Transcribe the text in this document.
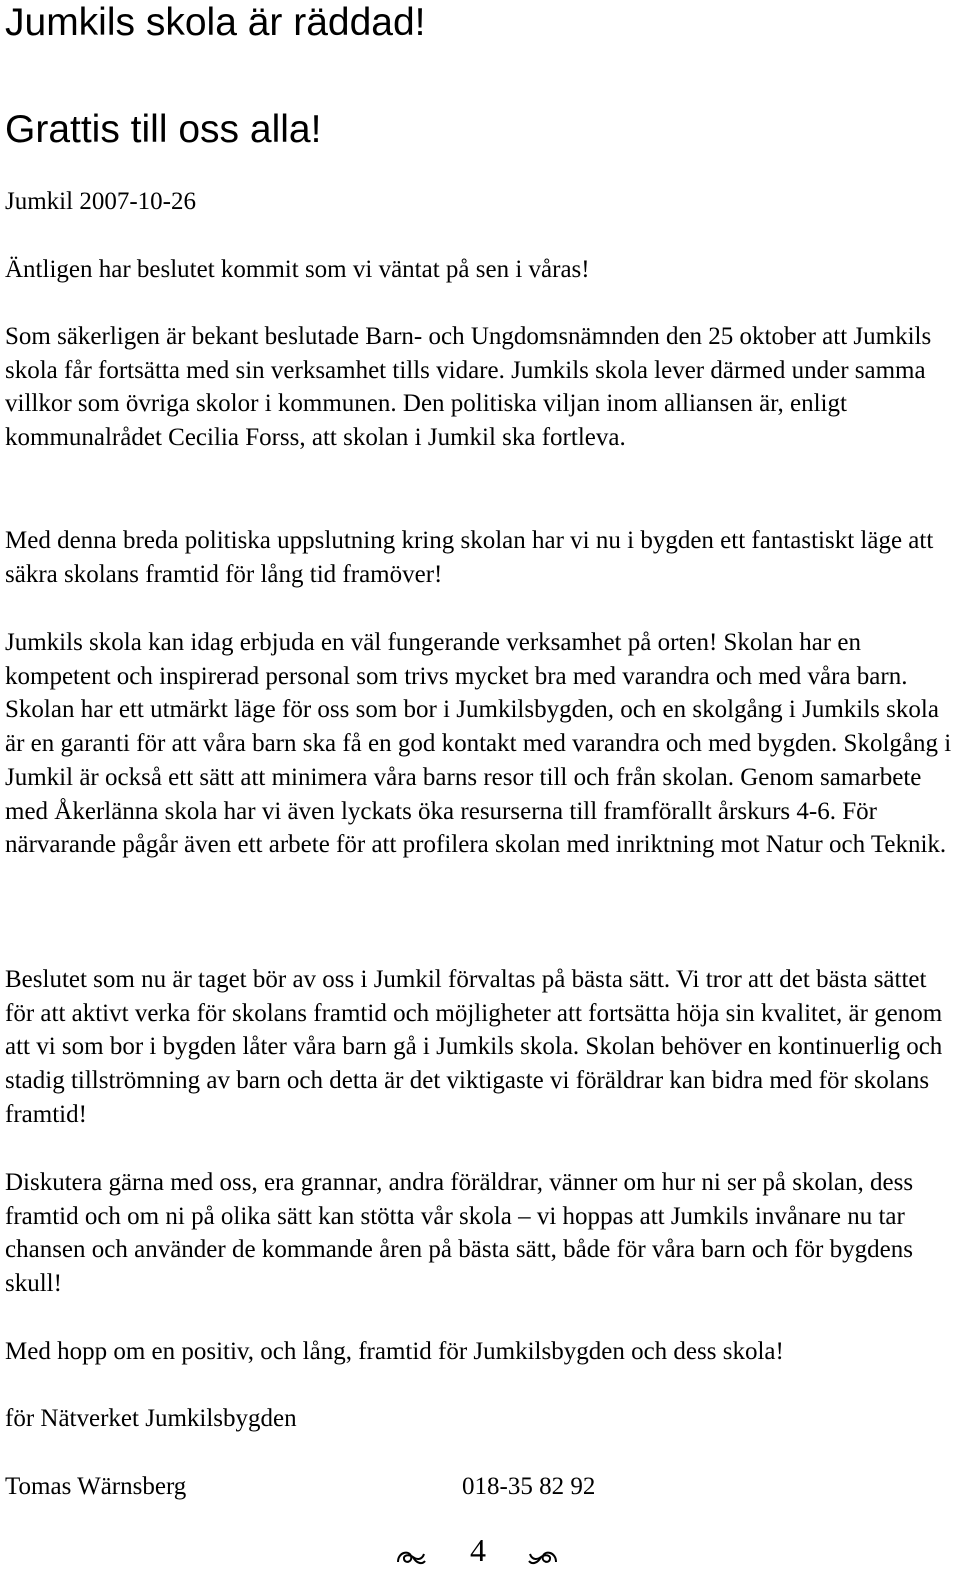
Jumkils skola är räddad!
Grattis till oss alla!

Jumkil 2007-10-26

Äntligen har beslutet kommit som vi väntat på sen i våras!

Som säkerligen är bekant beslutade Barn- och Ungdomsnämnden den 25 oktober att Jumkils skola får fortsätta med sin verksamhet tills vidare. Jumkils skola lever därmed under samma villkor som övriga skolor i kommunen. Den politiska viljan inom alliansen är, enligt kommunalrådet Cecilia Forss, att skolan i Jumkil ska fortleva.

Med denna breda politiska uppslutning kring skolan har vi nu i bygden ett fantastiskt läge att säkra skolans framtid för lång tid framöver!

Jumkils skola kan idag erbjuda en väl fungerande verksamhet på orten! Skolan har en kompetent och inspirerad personal som trivs mycket bra med varandra och med våra barn. Skolan har ett utmärkt läge för oss som bor i Jumkilsbygden, och en skolgång i Jumkils skola är en garanti för att våra barn ska få en god kontakt med varandra och med bygden. Skolgång i Jumkil är också ett sätt att minimera våra barns resor till och från skolan. Genom samarbete med Åkerlänna skola har vi även lyckats öka resurserna till framförallt årskurs 4-6. För närvarande pågår även ett arbete för att profilera skolan med inriktning mot Natur och Teknik.

Beslutet som nu är taget bör av oss i Jumkil förvaltas på bästa sätt. Vi tror att det bästa sättet för att aktivt verka för skolans framtid och möjligheter att fortsätta höja sin kvalitet, är genom att vi som bor i bygden låter våra barn gå i Jumkils skola. Skolan behöver en kontinuerlig och stadig tillströmning av barn och detta är det viktigaste vi föräldrar kan bidra med för skolans framtid!

Diskutera gärna med oss, era grannar, andra föräldrar, vänner om hur ni ser på skolan, dess framtid och om ni på olika sätt kan stötta vår skola – vi hoppas att Jumkils invånare nu tar chansen och använder de kommande åren på bästa sätt, både för våra barn och för bygdens skull!

Med hopp om en positiv, och lång, framtid för Jumkilsbygden och dess skola!

för Nätverket Jumkilsbygden

Tomas Wärnsberg	018-35 82 92
4
